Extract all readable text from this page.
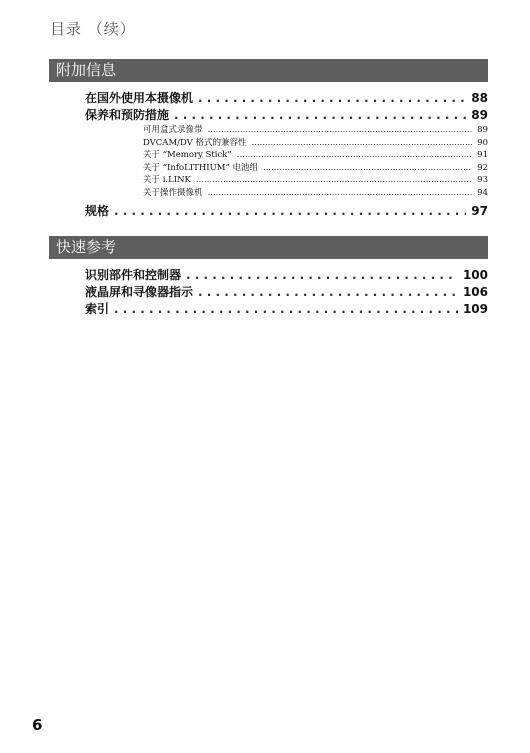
目录 （续）
附加信息
在国外使用本摄像机 . . .	88
保养和预防措施 . . .	89
可用盒式录像带 .....	89
DVCAM/DV 格式的兼容性 .....	90
关于 “Memory Stick” .....	91
关于 “InfoLITHIUM” 电池组 .....	92
关于 i.LINK .....	93
关于操作摄像机 .....	94
规格 . . .	97
快速参考
识别部件和控制器 . . .	100
液晶屏和寻像器指示 . . .	106
索引 . . .	109
6
